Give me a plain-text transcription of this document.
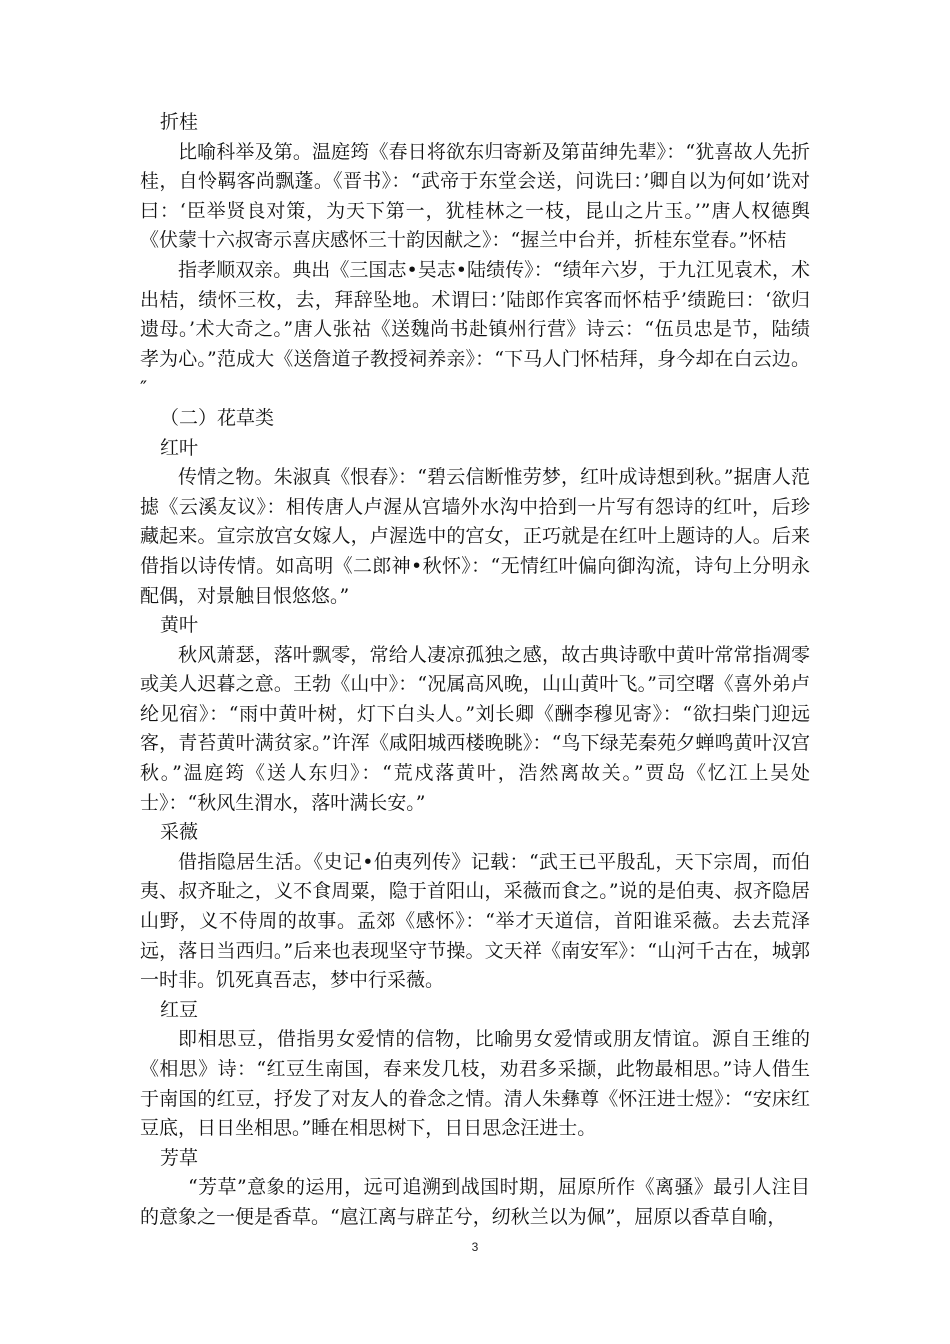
折桂

比喻科举及第。温庭筠《春日将欲东归寄新及第苗绅先辈》：“犹喜故人先折桂，自怜羁客尚飘蓬。《晋书》：“武帝于东堂会送，问诜曰：’卿自以为何如’诜对曰：‘臣举贤良对策，为天下第一，犹桂林之一枝，昆山之片玉。’”唐人权德舆《伏蒙十六叔寄示喜庆感怀三十韵因献之》：“握兰中台并，折桂东堂春。”怀桔

指孝顺双亲。典出《三国志•吴志•陆绩传》：“绩年六岁，于九江见袁术，术出桔，绩怀三枚，去，拜辞坠地。术谓曰：’陆郎作宾客而怀桔乎’绩跪曰：‘欲归遗母。’术大奇之。”唐人张祜《送魏尚书赴镇州行营》诗云：“伍员忠是节，陆绩孝为心。”范成大《送詹道子教授祠养亲》：“下马人门怀桔拜，身今却在白云边。″

（二）花草类

红叶

传情之物。朱淑真《恨春》：“碧云信断惟劳梦，红叶成诗想到秋。”据唐人范摅《云溪友议》：相传唐人卢渥从宫墙外水沟中拾到一片写有怨诗的红叶，后珍藏起来。宣宗放宫女嫁人，卢渥选中的宫女，正巧就是在红叶上题诗的人。后来借指以诗传情。如高明《二郎神•秋怀》：“无情红叶偏向御沟流，诗句上分明永配偶，对景触目恨悠悠。”

黄叶

秋风萧瑟，落叶飘零，常给人凄凉孤独之感，故古典诗歌中黄叶常常指凋零或美人迟暮之意。王勃《山中》：“况属高风晚，山山黄叶飞。”司空曙《喜外弟卢纶见宿》：“雨中黄叶树，灯下白头人。”刘长卿《酬李穆见寄》：“欲扫柴门迎远客，青苔黄叶满贫家。”许浑《咸阳城西楼晚眺》：“鸟下绿芜秦苑夕蝉鸣黄叶汉宫秋。”温庭筠《送人东归》：“荒戍落黄叶，浩然离故关。”贾岛《忆江上吴处士》：“秋风生渭水，落叶满长安。”

采薇

借指隐居生活。《史记•伯夷列传》记载：“武王已平殷乱，天下宗周，而伯夷、叔齐耻之，义不食周粟，隐于首阳山，采薇而食之。”说的是伯夷、叔齐隐居山野，义不侍周的故事。孟郊《感怀》：“举才天道信，首阳谁采薇。去去荒泽远，落日当西归。”后来也表现坚守节操。文天祥《南安军》：“山河千古在，城郭一时非。饥死真吾志，梦中行采薇。

红豆

即相思豆，借指男女爱情的信物，比喻男女爱情或朋友情谊。源自王维的《相思》诗：“红豆生南国，春来发几枝，劝君多采撷，此物最相思。”诗人借生于南国的红豆，抒发了对友人的眷念之情。清人朱彝尊《怀汪进士煜》：“安床红豆底，日日坐相思。”睡在相思树下，日日思念汪进士。

芳草

“芳草”意象的运用，远可追溯到战国时期，屈原所作《离骚》最引人注目的意象之一便是香草。“扈江离与辟芷兮，纫秋兰以为佩”，屈原以香草自喻，

3
